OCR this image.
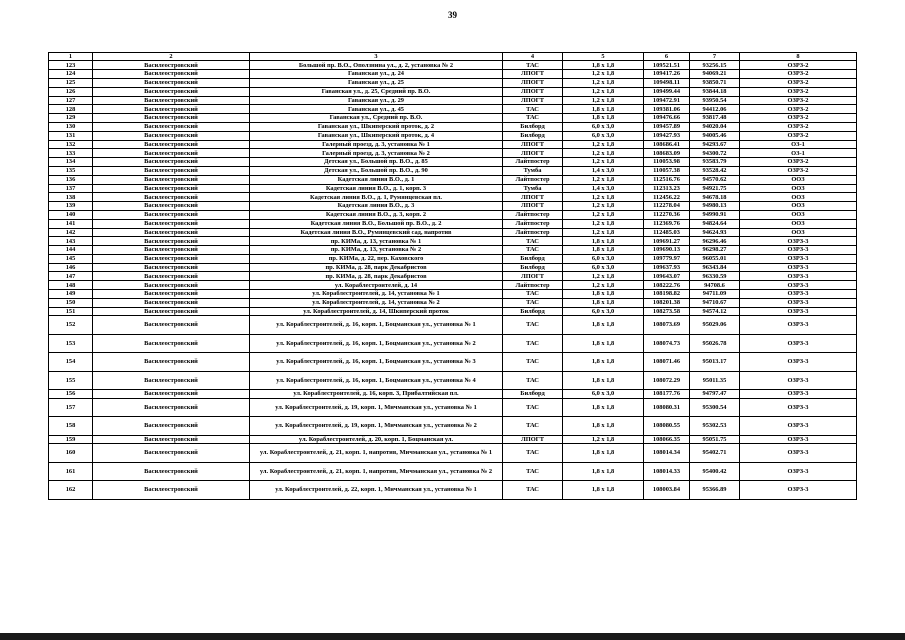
39
1	2	3	4	5	6	7	8
123	Василеостровский	Большой пр. В.О., Оползнина ул., д. 2, установка № 2	ТАС	1,8 x 1,8	109521.51	93256.15	ОЗРЗ-2
124	Василеостровский	Гаванская ул., д. 24	ЛПОГТ	1,2 x 1,8	109417.26	94069.21	ОЗРЗ-2
125	Василеостровский	Гаванская ул., д. 25	ЛПОГТ	1,2 x 1,8	109498.11	93850.71	ОЗРЗ-2
126	Василеостровский	Гаванская ул., д. 25, Средний пр. В.О.	ЛПОГТ	1,2 x 1,8	109499.44	93844.18	ОЗРЗ-2
127	Василеостровский	Гаванская ул., д. 29	ЛПОГТ	1,2 x 1,8	109472.91	93950.54	ОЗРЗ-2
128	Василеостровский	Гаванская ул., д. 45	ТАС	1,8 x 1,8	109381.06	94412.06	ОЗРЗ-2
129	Василеостровский	Гаванская ул., Средний пр. В.О.	ТАС	1,8 x 1,8	109476.66	93817.48	ОЗРЗ-2
130	Василеостровский	Гаванская ул., Шкиперский проток, д. 2	Билборд	6,0 x 3,0	109457.89	94020.04	ОЗРЗ-2
131	Василеостровский	Гаванская ул., Шкиперский проток, д. 4	Билборд	6,0 x 3,0	109427.93	94005.46	ОЗРЗ-2
132	Василеостровский	Галерный проезд, д. 3, установка № 1	ЛПОГТ	1,2 x 1,8	108686.41	94293.67	ОЗ-1
133	Василеостровский	Галерный проезд, д. 3, установка № 2	ЛПОГТ	1,2 x 1,8	108683.09	94300.72	ОЗ-1
134	Василеостровский	Детская ул., Большой пр. В.О., д. 85	Лайтпостер	1,2 x 1,8	110053.98	93583.79	ОЗРЗ-2
135	Василеостровский	Детская ул., Большой пр. В.О., д. 90	Тумба	1,4 x 3,0	110057.38	93528.42	ОЗРЗ-2
136	Василеостровский	Кадетская линия В.О., д. 1	Лайтпостер	1,2 x 1,8	112516.76	94570.62	ООЗ
137	Василеостровский	Кадетская линия В.О., д. 1, корп. 3	Тумба	1,4 x 3,0	112313.23	94921.75	ООЗ
138	Василеостровский	Кадетская линия В.О., д. 1, Румянцевская пл.	ЛПОГТ	1,2 x 1,8	112456.22	94678.18	ООЗ
139	Василеостровский	Кадетская линия В.О., д. 3	ЛПОГТ	1,2 x 1,8	112278.04	94980.13	ООЗ
140	Василеостровский	Кадетская линия В.О., д. 3, корп. 2	Лайтпостер	1,2 x 1,8	112270.36	94990.91	ООЗ
141	Василеостровский	Кадетская линия В.О., Большой пр. В.О., д. 2	Лайтпостер	1,2 x 1,8	112369.76	94824.64	ООЗ
142	Василеостровский	Кадетская линия В.О., Румянцевский сад, напротив	Лайтпостер	1,2 x 1,8	112485.03	94624.93	ООЗ
143	Василеостровский	пр. КИМа, д. 13, установка № 1	ТАС	1,8 x 1,8	109691.27	96296.46	ОЗРЗ-3
144	Василеостровский	пр. КИМа, д. 13, установка № 2	ТАС	1,8 x 1,8	109690.13	96298.27	ОЗРЗ-3
145	Василеостровский	пр. КИМа, д. 22, пер. Каховского	Билборд	6,0 x 3,0	109779.97	96055.01	ОЗРЗ-3
146	Василеостровский	пр. КИМа, д. 28, парк Декабристов	Билборд	6,0 x 3,0	109637.93	96343.84	ОЗРЗ-3
147	Василеостровский	пр. КИМа, д. 28, парк Декабристов	ЛПОГТ	1,2 x 1,8	109643.07	96330.59	ОЗРЗ-3
148	Василеостровский	ул. Кораблестроителей, д. 14	Лайтпостер	1,2 x 1,8	108222.76	94708.6	ОЗРЗ-3
149	Василеостровский	ул. Кораблестроителей, д. 14, установка № 1	ТАС	1,8 x 1,8	108198.82	94711.09	ОЗРЗ-3
150	Василеостровский	ул. Кораблестроителей, д. 14, установка № 2	ТАС	1,8 x 1,8	108201.38	94710.67	ОЗРЗ-3
151	Василеостровский	ул. Кораблестроителей, д. 14, Шкиперский проток	Билборд	6,0 x 3,0	108273.58	94574.12	ОЗРЗ-3
152	Василеостровский	ул. Кораблестроителей, д. 16, корп. 1, Боцманская ул., установка № 1	ТАС	1,8 x 1,8	108073.69	95029.06	ОЗРЗ-3
153	Василеостровский	ул. Кораблестроителей, д. 16, корп. 1, Боцманская ул., установка № 2	ТАС	1,8 x 1,8	108074.73	95026.78	ОЗРЗ-3
154	Василеостровский	ул. Кораблестроителей, д. 16, корп. 1, Боцманская ул., установка № 3	ТАС	1,8 x 1,8	108071.46	95013.17	ОЗРЗ-3
155	Василеостровский	ул. Кораблестроителей, д. 16, корп. 1, Боцманская ул., установка № 4	ТАС	1,8 x 1,8	108072.29	95011.35	ОЗРЗ-3
156	Василеостровский	ул. Кораблестроителей, д. 16, корп. 3, Прибалтийская пл.	Билборд	6,0 x 3,0	108177.76	94797.47	ОЗРЗ-3
157	Василеостровский	ул. Кораблестроителей, д. 19, корп. 1, Мичманская ул., установка № 1	ТАС	1,8 x 1,8	108080.31	95300.54	ОЗРЗ-3
158	Василеостровский	ул. Кораблестроителей, д. 19, корп. 1, Мичманская ул., установка № 2	ТАС	1,8 x 1,8	108080.55	95302.53	ОЗРЗ-3
159	Василеостровский	ул. Кораблестроителей, д. 20, корп. 1, Боцманская ул.	ЛПОГТ	1,2 x 1,8	108066.35	95051.75	ОЗРЗ-3
160	Василеостровский	ул. Кораблестроителей, д. 21, корп. 1, напротив, Мичманская ул., установка № 1	ТАС	1,8 x 1,8	108014.34	95402.71	ОЗРЗ-3
161	Василеостровский	ул. Кораблестроителей, д. 21, корп. 1, напротив, Мичманская ул., установка № 2	ТАС	1,8 x 1,8	108014.33	95400.42	ОЗРЗ-3
162	Василеостровский	ул. Кораблестроителей, д. 22, корп. 1, Мичманская ул., установка № 1	ТАС	1,8 x 1,8	108003.84	95366.89	ОЗРЗ-3
